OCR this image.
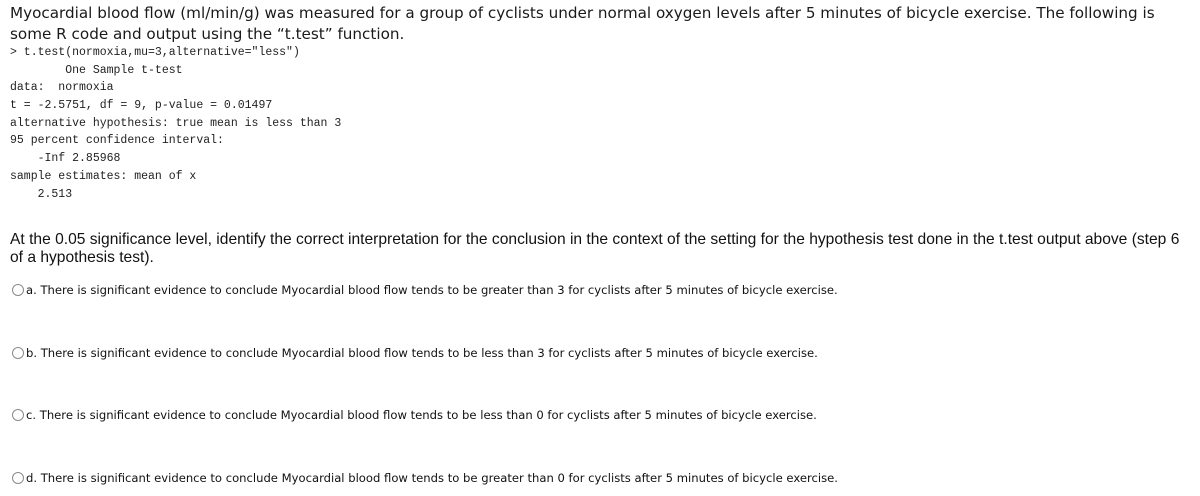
Myocardial blood flow (ml/min/g) was measured for a group of cyclists under normal oxygen levels after 5 minutes of bicycle exercise. The following is some R code and output using the “t.test” function.
> t.test(normoxia,mu=3,alternative="less")
One Sample t-test
data:  normoxia
t = -2.5751, df = 9, p-value = 0.01497
alternative hypothesis: true mean is less than 3
95 percent confidence interval:
-Inf 2.85968
sample estimates: mean of x
2.513
At the 0.05 significance level, identify the correct interpretation for the conclusion in the context of the setting for the hypothesis test done in the t.test output above (step 6 of a hypothesis test).
a. There is significant evidence to conclude Myocardial blood flow tends to be greater than 3 for cyclists after 5 minutes of bicycle exercise.
b. There is significant evidence to conclude Myocardial blood flow tends to be less than 3 for cyclists after 5 minutes of bicycle exercise.
c. There is significant evidence to conclude Myocardial blood flow tends to be less than 0 for cyclists after 5 minutes of bicycle exercise.
d. There is significant evidence to conclude Myocardial blood flow tends to be greater than 0 for cyclists after 5 minutes of bicycle exercise.
